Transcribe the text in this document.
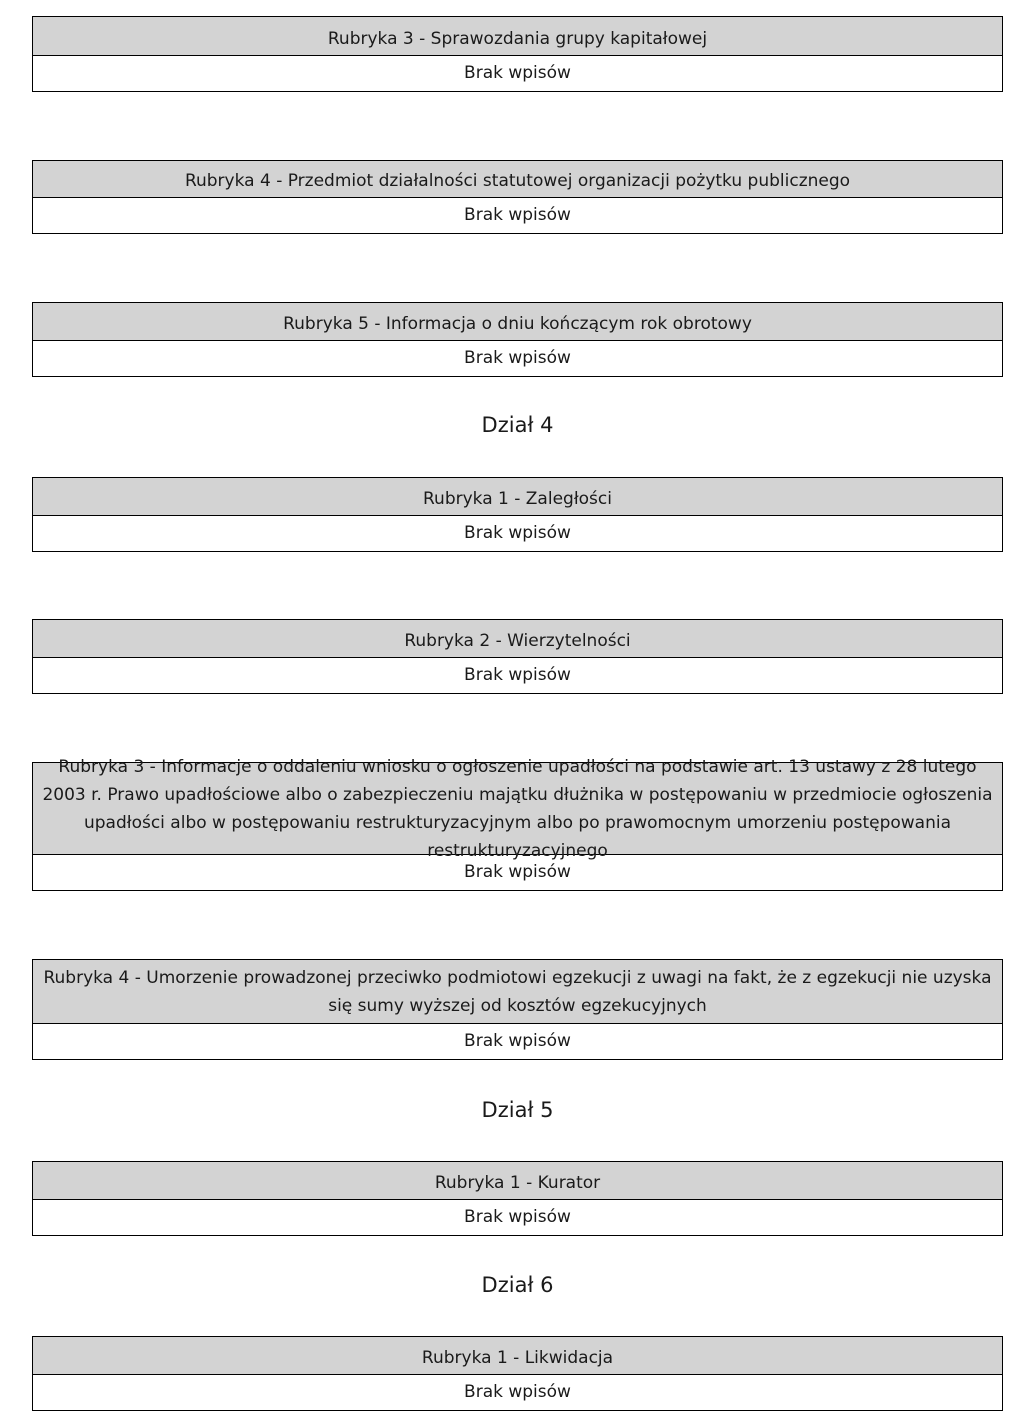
Rubryka 3 - Sprawozdania grupy kapitałowej
Brak wpisów
Rubryka 4 - Przedmiot działalności statutowej organizacji pożytku publicznego
Brak wpisów
Rubryka 5 - Informacja o dniu kończącym rok obrotowy
Brak wpisów
Dział 4
Rubryka 1 - Zaległości
Brak wpisów
Rubryka 2 - Wierzytelności
Brak wpisów
Rubryka 3 - Informacje o oddaleniu wniosku o ogłoszenie upadłości na podstawie art. 13 ustawy z 28 lutego 2003 r. Prawo upadłościowe albo o zabezpieczeniu majątku dłużnika w postępowaniu w przedmiocie ogłoszenia upadłości albo w postępowaniu restrukturyzacyjnym albo po prawomocnym umorzeniu postępowania restrukturyzacyjnego
Brak wpisów
Rubryka 4 - Umorzenie prowadzonej przeciwko podmiotowi egzekucji z uwagi na fakt, że z egzekucji nie uzyska się sumy wyższej od kosztów egzekucyjnych
Brak wpisów
Dział 5
Rubryka 1 - Kurator
Brak wpisów
Dział 6
Rubryka 1 - Likwidacja
Brak wpisów
